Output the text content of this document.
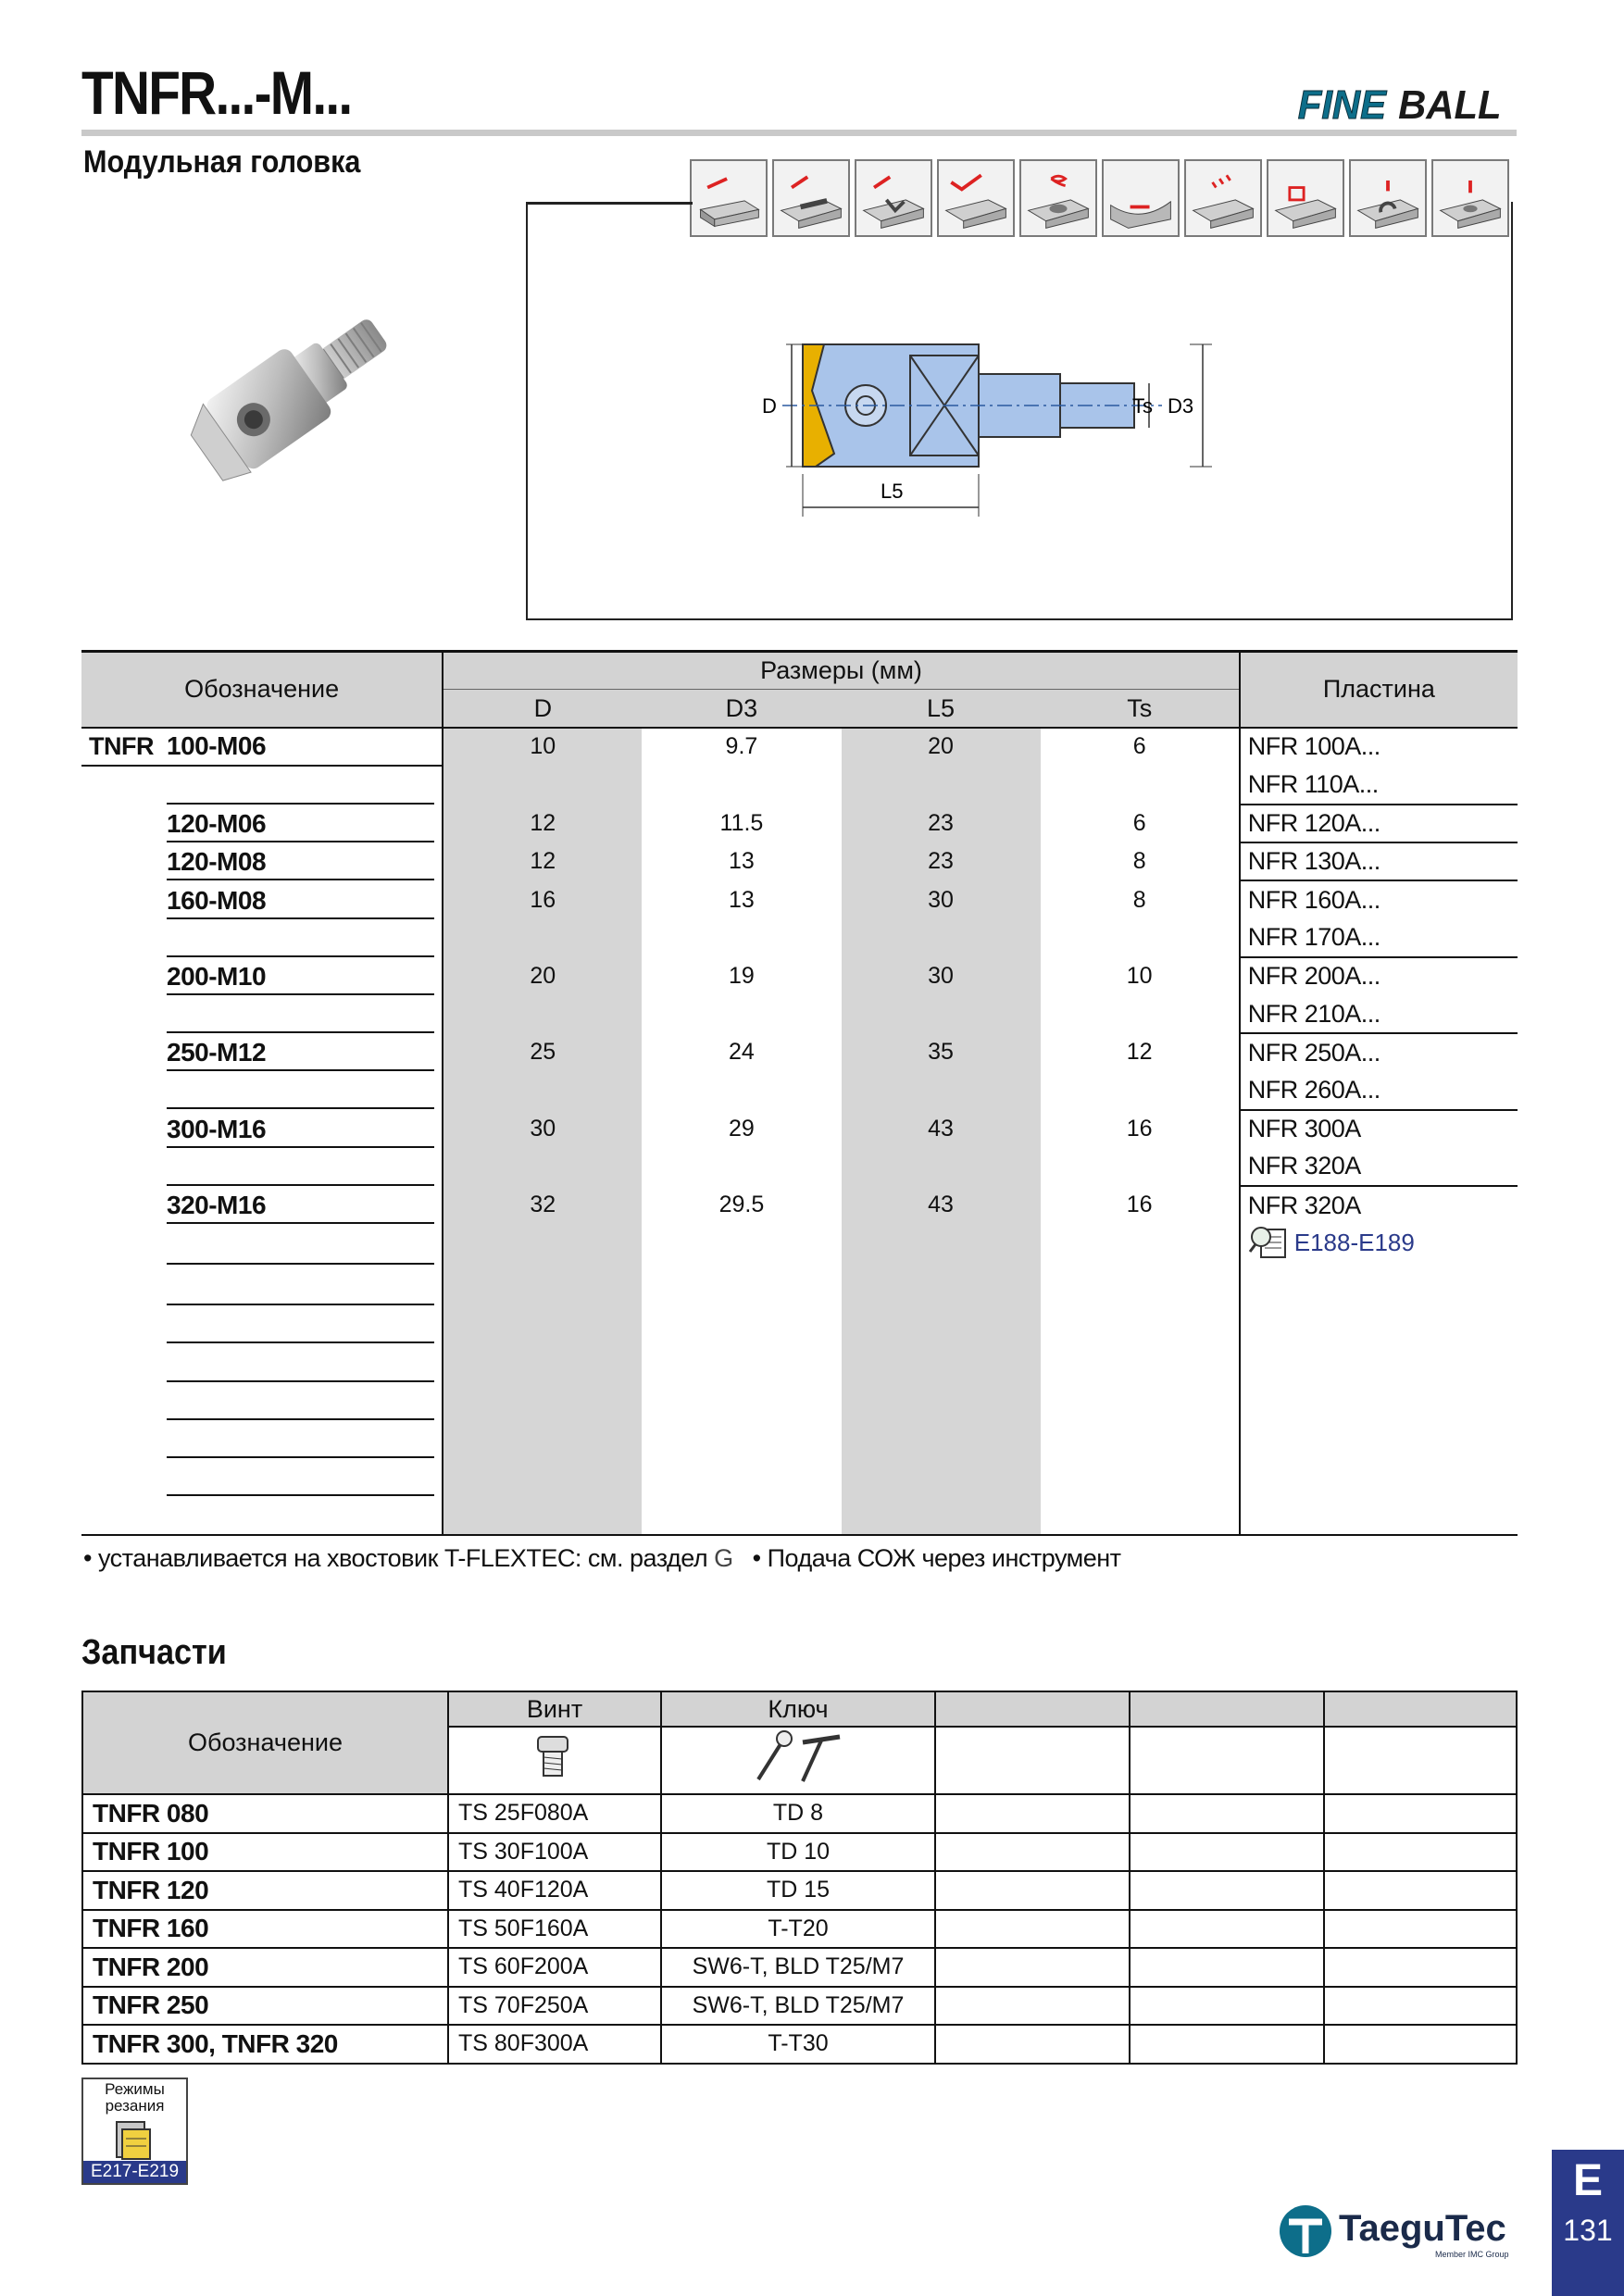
TNFR...-M...
Модульная головка
FINE BALL
D
L5
Ts D3
Обозначение	Размеры (мм)				Пластина
	D	D3	L5	Ts	

TNFR 100-M06	10	9.7	20	6	NFR 100A...

					NFR 110A...

120-M06	12	11.5	23	6	NFR 120A...

120-M08	12	13	23	8	NFR 130A...

160-M08	16	13	30	8	NFR 160A...

					NFR 170A...

200-M10	20	19	30	10	NFR 200A...

					NFR 210A...

250-M12	25	24	35	12	NFR 250A...

					NFR 260A...

300-M16	30	29	43	16	NFR 300A

					NFR 320A

320-M16	32	29.5	43	16	NFR 320A

					E188-E189

• устанавливается на хвостовик T-FLEXTEC: см. раздел G   • Подача СОЖ через инструмент
Запчасти
Обозначение	Винт	Ключ			

TNFR 080	TS 25F080A	TD 8			
TNFR 100	TS 30F100A	TD 10			
TNFR 120	TS 40F120A	TD 15			
TNFR 160	TS 50F160A	T-T20			
TNFR 200	TS 60F200A	SW6-T, BLD T25/M7			
TNFR 250	TS 70F250A	SW6-T, BLD T25/M7			
TNFR 300, TNFR 320	TS 80F300A	T-T30			
Режимы резания
E217-E219	E
131
TaeguTec
Member IMC Group
